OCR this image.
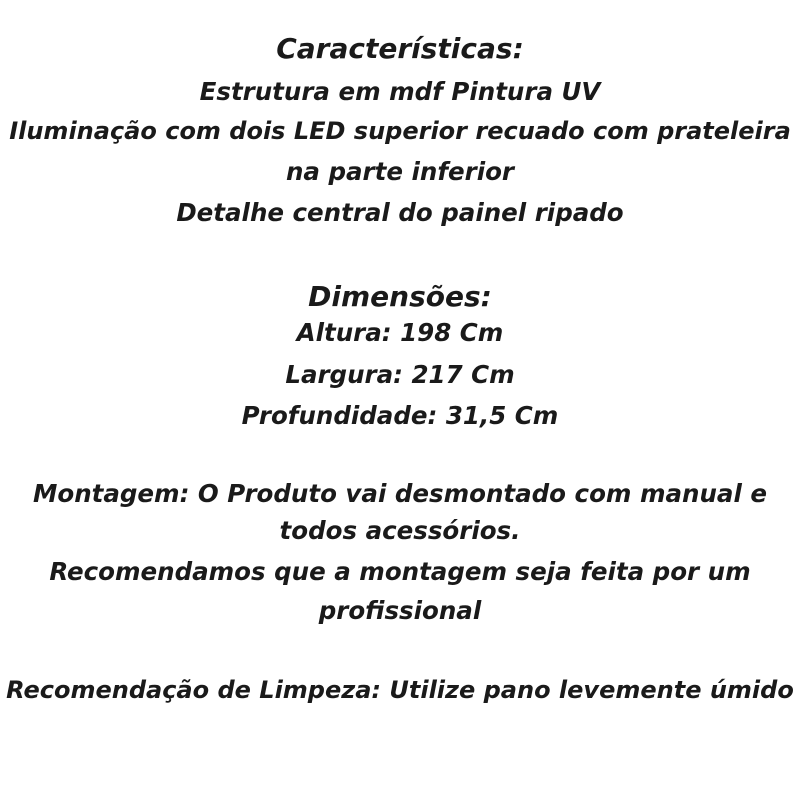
Características:
Estrutura em mdf Pintura UV
Iluminação com dois LED superior recuado com prateleira
na parte inferior
Detalhe central do painel ripado
Dimensões:
Altura: 198 Cm
Largura: 217 Cm
Profundidade: 31,5 Cm
Montagem: O Produto vai desmontado com manual e
todos acessórios.
Recomendamos que a montagem seja feita por um
profissional
Recomendação de Limpeza: Utilize pano levemente úmido
